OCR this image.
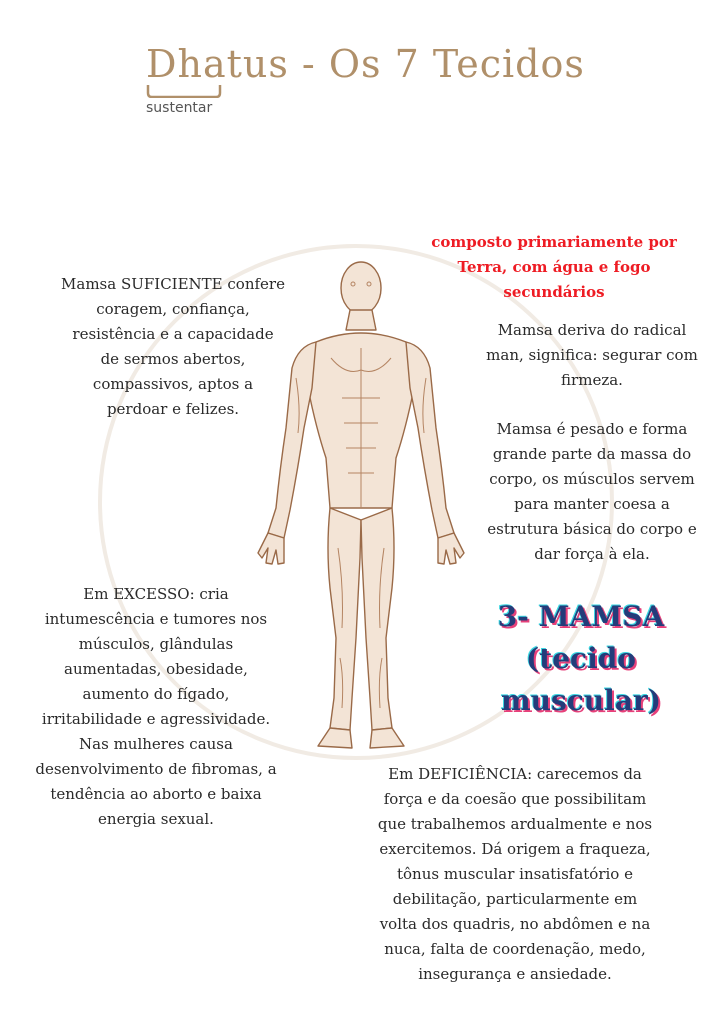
Dhatus - Os 7 Tecidos
sustentar
composto primariamente por
Terra, com água e fogo
secundários
Mamsa SUFICIENTE confere
coragem, confiança,
resistência e a capacidade
de sermos abertos,
compassivos, aptos a
perdoar e felizes.
Mamsa deriva do radical
man, significa: segurar com
firmeza.
Mamsa é pesado e forma
grande parte da massa do
corpo, os músculos servem
para manter coesa a
estrutura básica do corpo e
dar força à ela.
3- MAMSA
(tecido
muscular)
Em EXCESSO: cria
intumescência e tumores nos
músculos, glândulas
aumentadas, obesidade,
aumento do fígado,
irritabilidade e agressividade.
Nas mulheres causa
desenvolvimento de fibromas, a
tendência ao aborto e baixa
energia sexual.
Em DEFICIÊNCIA: carecemos da
força e da coesão que possibilitam
que trabalhemos ardualmente e nos
exercitemos. Dá origem a fraqueza,
tônus muscular insatisfatório e
debilitação, particularmente em
volta dos quadris, no abdômen e na
nuca, falta de coordenação, medo,
insegurança e ansiedade.
